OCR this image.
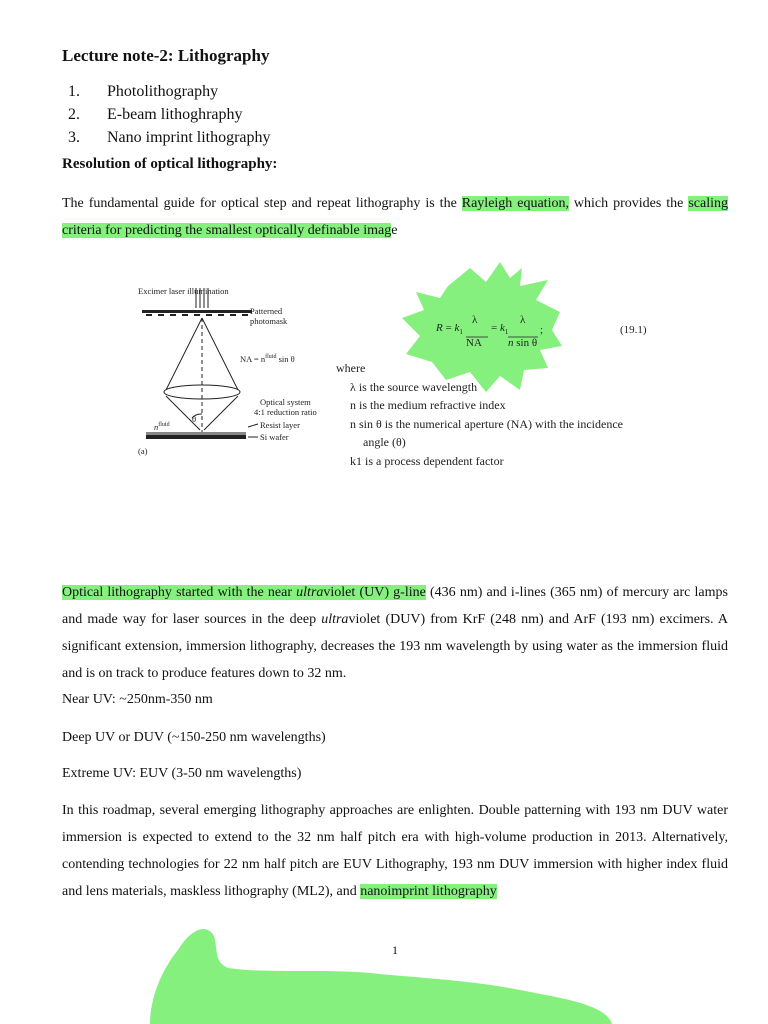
Lecture note-2: Lithography
1. Photolithography
2. E-beam lithoghraphy
3. Nano imprint lithography
Resolution of optical lithography:

The fundamental guide for optical step and repeat lithography is the Rayleigh equation, which provides the scaling criteria for predicting the smallest optically definable image

Excimer laser illumination
Patterned photomask
NA = $n^{fluid}$ sin θ
Optical system
4:1 reduction ratio
$n^{fluid}$
θ
Resist layer
Si wafer
(a)
$R = k_1$
λ
NA
= $k_1$
λ
n sin θ
;	(19.1)
where
λ is the source wavelength
n is the medium refractive index
n sin θ is the numerical aperture (NA) with the incidence
angle (θ)
k1 is a process dependent factor

Optical lithography started with the near ultraviolet (UV) g-line (436 nm) and i-lines (365 nm) of mercury arc lamps and made way for laser sources in the deep ultraviolet (DUV) from KrF (248 nm) and ArF (193 nm) excimers. A significant extension, immersion lithography, decreases the 193 nm wavelength by using water as the immersion fluid and is on track to produce features down to 32 nm.

Near UV: ~250nm-350 nm

Deep UV or DUV (~150-250 nm wavelengths)

Extreme UV: EUV (3-50 nm wavelengths)

In this roadmap, several emerging lithography approaches are enlighten. Double patterning with 193 nm DUV water immersion is expected to extend to the 32 nm half pitch era with high-volume production in 2013. Alternatively, contending technologies for 22 nm half pitch are EUV Lithography, 193 nm DUV immersion with higher index fluid and lens materials, maskless lithography (ML2), and nanoimprint lithography

1
